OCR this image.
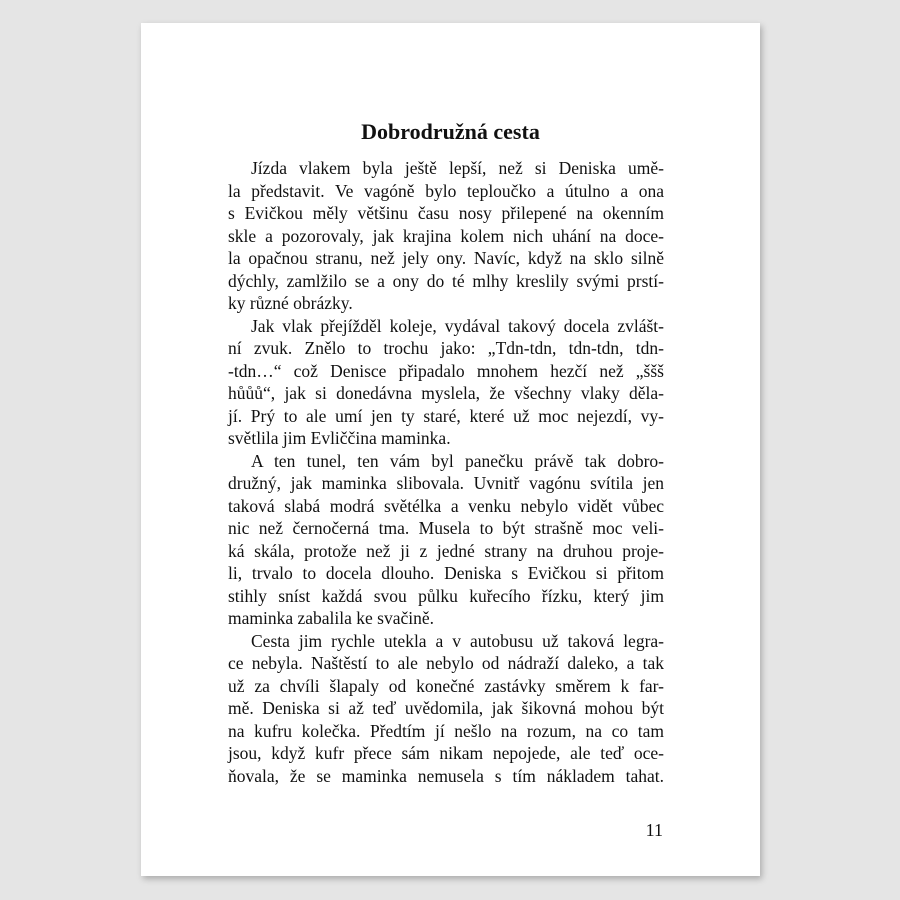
Dobrodružná cesta

Jízda vlakem byla ještě lepší, než si Deniska umě-
la představit. Ve vagóně bylo teploučko a útulno a ona
s Evičkou měly většinu času nosy přilepené na okenním
skle a pozorovaly, jak krajina kolem nich uhání na doce-
la opačnou stranu, než jely ony. Navíc, když na sklo silně
dýchly, zamlžilo se a ony do té mlhy kreslily svými prstí-
ky různé obrázky.

Jak vlak přejížděl koleje, vydával takový docela zvlášt-
ní zvuk. Znělo to trochu jako: „Tdn-tdn, tdn-tdn, tdn-
-tdn…“ což Denisce připadalo mnohem hezčí než „ššš
hůůů“, jak si donedávna myslela, že všechny vlaky děla-
jí. Prý to ale umí jen ty staré, které už moc nejezdí, vy-
světlila jim Evliččina maminka.

A ten tunel, ten vám byl panečku právě tak dobro-
družný, jak maminka slibovala. Uvnitř vagónu svítila jen
taková slabá modrá světélka a venku nebylo vidět vůbec
nic než černočerná tma. Musela to být strašně moc veli-
ká skála, protože než ji z jedné strany na druhou proje-
li, trvalo to docela dlouho. Deniska s Evičkou si přitom
stihly sníst každá svou půlku kuřecího řízku, který jim
maminka zabalila ke svačině.

Cesta jim rychle utekla a v autobusu už taková legra-
ce nebyla. Naštěstí to ale nebylo od nádraží daleko, a tak
už za chvíli šlapaly od konečné zastávky směrem k far-
mě. Deniska si až teď uvědomila, jak šikovná mohou být
na kufru kolečka. Předtím jí nešlo na rozum, na co tam
jsou, když kufr přece sám nikam nepojede, ale teď oce-
ňovala, že se maminka nemusela s tím nákladem tahat.

11
